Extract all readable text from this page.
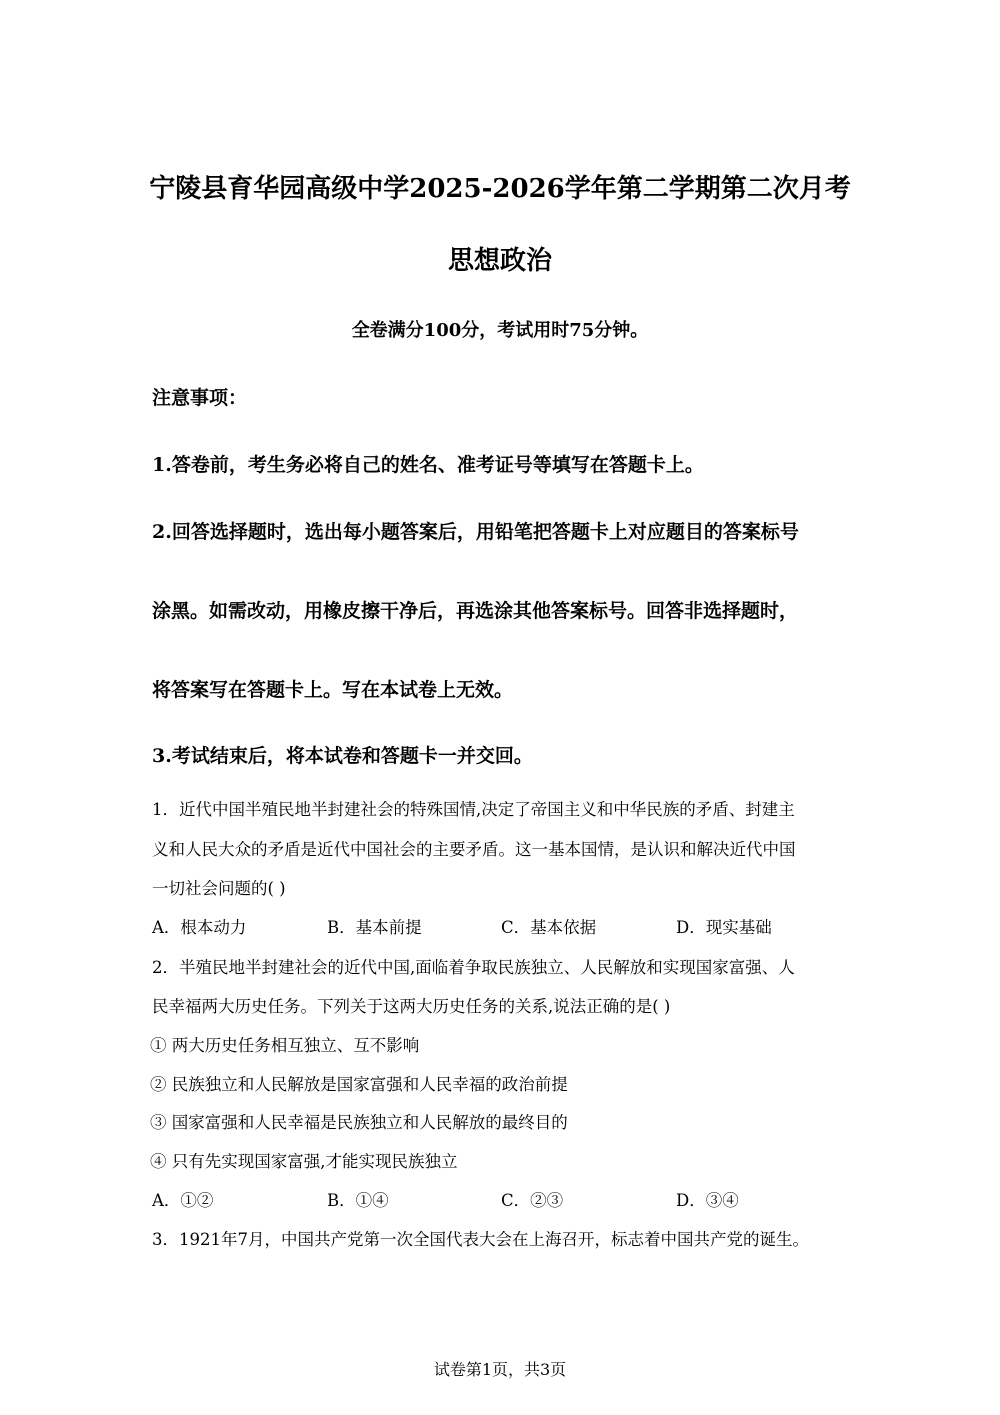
宁陵县育华园高级中学2025-2026学年第二学期第二次月考
思想政治
全卷满分100分，考试用时75分钟。
注意事项：
1.答卷前，考生务必将自己的姓名、准考证号等填写在答题卡上。
2.回答选择题时，选出每小题答案后，用铅笔把答题卡上对应题目的答案标号
涂黑。如需改动，用橡皮擦干净后，再选涂其他答案标号。回答非选择题时，
将答案写在答题卡上。写在本试卷上无效。
3.考试结束后，将本试卷和答题卡一并交回。
1．近代中国半殖民地半封建社会的特殊国情,决定了帝国主义和中华民族的矛盾、封建主
义和人民大众的矛盾是近代中国社会的主要矛盾。这一基本国情，是认识和解决近代中国
一切社会问题的( )
A．根本动力	B．基本前提	C．基本依据	D．现实基础
2．半殖民地半封建社会的近代中国,面临着争取民族独立、人民解放和实现国家富强、人
民幸福两大历史任务。下列关于这两大历史任务的关系,说法正确的是( )
① 两大历史任务相互独立、互不影响
② 民族独立和人民解放是国家富强和人民幸福的政治前提
③ 国家富强和人民幸福是民族独立和人民解放的最终目的
④ 只有先实现国家富强,才能实现民族独立
A．①②	B．①④	C．②③	D．③④
3．1921年7月，中国共产党第一次全国代表大会在上海召开，标志着中国共产党的诞生。
试卷第1页，共3页
